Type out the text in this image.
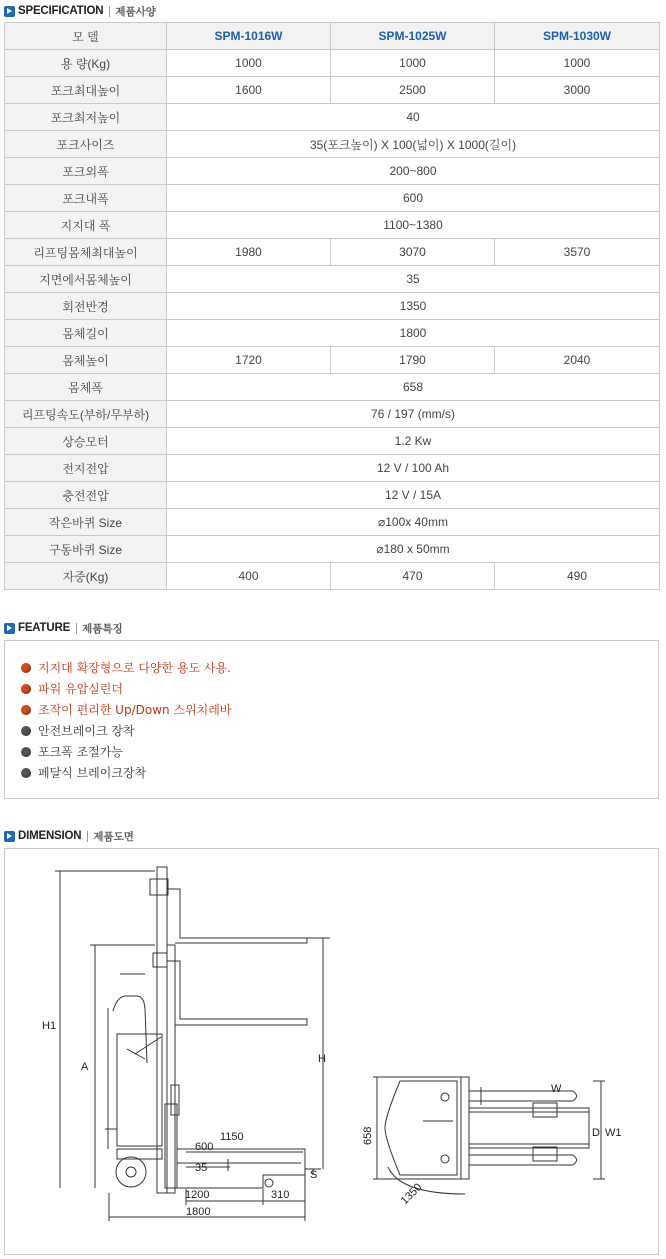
SPECIFICATION 제품사양
모 델	SPM-1016W	SPM-1025W	SPM-1030W
용 량(Kg)	1000	1000	1000
포크최대높이	1600	2500	3000
포크최저높이	40		
포크사이즈	35(포크높이) X 100(넓이) X 1000(길이)		
포크외폭	200~800		
포크내폭	600		
지지대 폭	1100~1380		
리프팅몸체최대높이	1980	3070	3570
지면에서몸체높이	35		
회전반경	1350		
몸체길이	1800		
몸체높이	1720	1790	2040
몸체폭	658		
리프팅속도(부하/무부하)	76 / 197 (mm/s)		
상승모터	1.2 Kw		
전지전압	12 V / 100 Ah		
충전전압	12 V / 15A		
작은바퀴 Size	⌀100x 40mm		
구동바퀴 Size	⌀180 x 50mm		
자중(Kg)	400	470	490
FEATURE 제품특징
지지대 확장형으로 다양한 용도 사용.
파워 유압실린더
조작이 편리한 Up/Down 스위치레바
안전브레이크 장착
포크폭 조절가능
페달식 브레이크장착
DIMENSION 제품도면
H1
A
H
600
1150
35
S
1200	310
1800
W
D W1
658
1350
